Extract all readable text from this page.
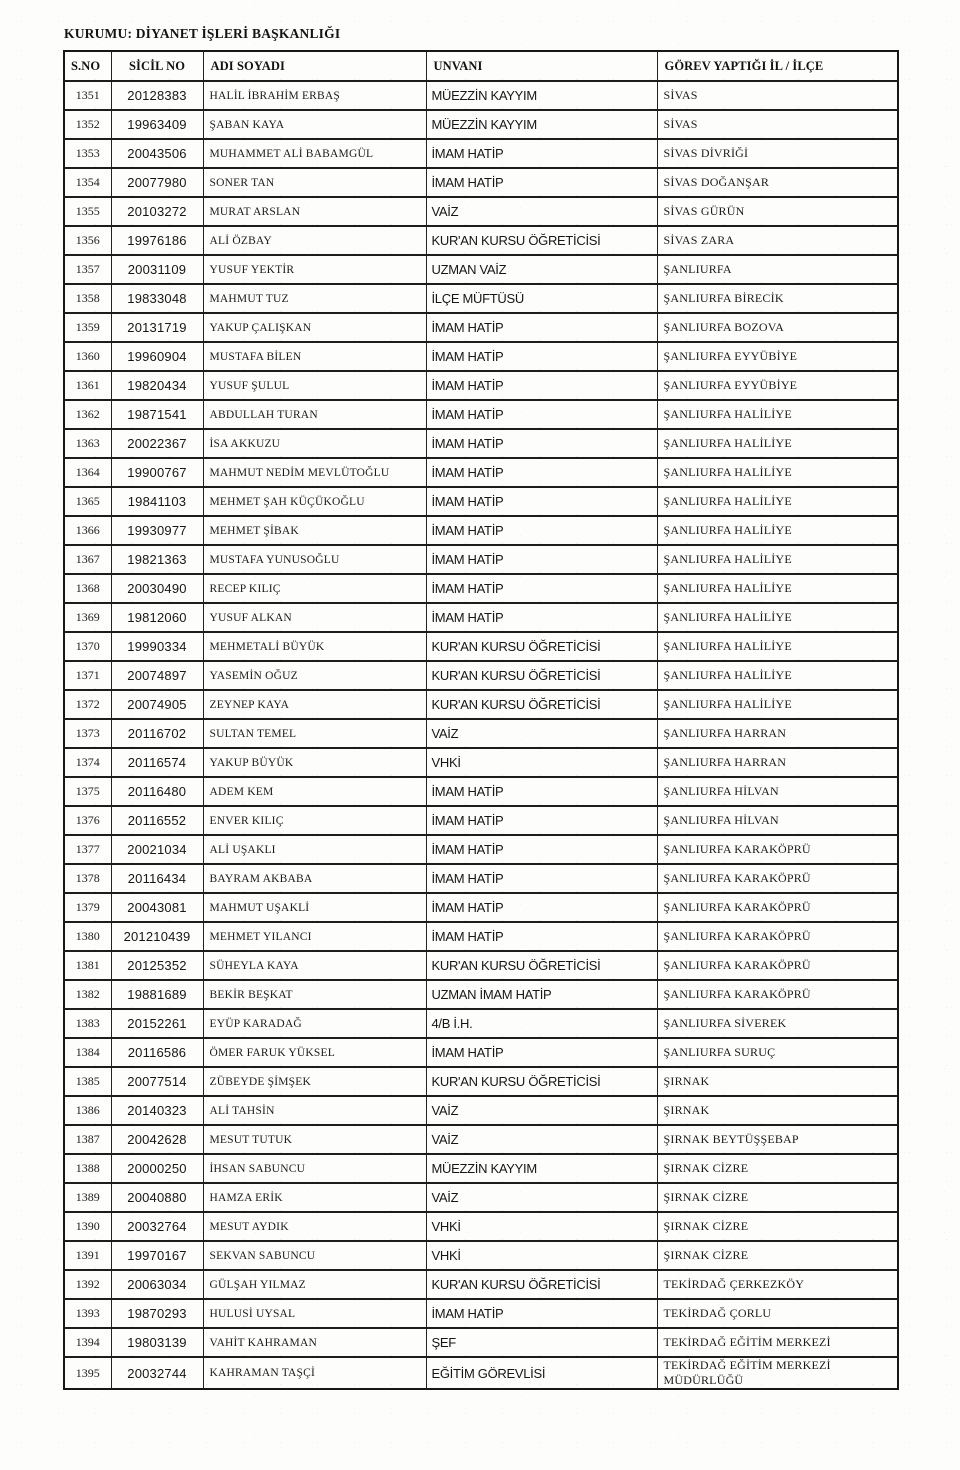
KURUMU: DİYANET İŞLERİ BAŞKANLIĞI
S.NO	SİCİL NO	ADI SOYADI	UNVANI	GÖREV YAPTIĞI İL / İLÇE
1351	20128383	HALİL İBRAHİM ERBAŞ	MÜEZZİN KAYYIM	SİVAS
1352	19963409	ŞABAN KAYA	MÜEZZİN KAYYIM	SİVAS
1353	20043506	MUHAMMET ALİ BABAMGÜL	İMAM HATİP	SİVAS DİVRİĞİ
1354	20077980	SONER TAN	İMAM HATİP	SİVAS DOĞANŞAR
1355	20103272	MURAT ARSLAN	VAİZ	SİVAS GÜRÜN
1356	19976186	ALİ ÖZBAY	KUR'AN KURSU ÖĞRETİCİSİ	SİVAS ZARA
1357	20031109	YUSUF YEKTİR	UZMAN VAİZ	ŞANLIURFA
1358	19833048	MAHMUT TUZ	İLÇE MÜFTÜSÜ	ŞANLIURFA BİRECİK
1359	20131719	YAKUP ÇALIŞKAN	İMAM HATİP	ŞANLIURFA BOZOVA
1360	19960904	MUSTAFA BİLEN	İMAM HATİP	ŞANLIURFA EYYÜBİYE
1361	19820434	YUSUF ŞULUL	İMAM HATİP	ŞANLIURFA EYYÜBİYE
1362	19871541	ABDULLAH TURAN	İMAM HATİP	ŞANLIURFA HALİLİYE
1363	20022367	İSA AKKUZU	İMAM HATİP	ŞANLIURFA HALİLİYE
1364	19900767	MAHMUT NEDİM MEVLÜTOĞLU	İMAM HATİP	ŞANLIURFA HALİLİYE
1365	19841103	MEHMET ŞAH KÜÇÜKOĞLU	İMAM HATİP	ŞANLIURFA HALİLİYE
1366	19930977	MEHMET ŞİBAK	İMAM HATİP	ŞANLIURFA HALİLİYE
1367	19821363	MUSTAFA YUNUSOĞLU	İMAM HATİP	ŞANLIURFA HALİLİYE
1368	20030490	RECEP KILIÇ	İMAM HATİP	ŞANLIURFA HALİLİYE
1369	19812060	YUSUF ALKAN	İMAM HATİP	ŞANLIURFA HALİLİYE
1370	19990334	MEHMETALİ BÜYÜK	KUR'AN KURSU ÖĞRETİCİSİ	ŞANLIURFA HALİLİYE
1371	20074897	YASEMİN OĞUZ	KUR'AN KURSU ÖĞRETİCİSİ	ŞANLIURFA HALİLİYE
1372	20074905	ZEYNEP KAYA	KUR'AN KURSU ÖĞRETİCİSİ	ŞANLIURFA HALİLİYE
1373	20116702	SULTAN TEMEL	VAİZ	ŞANLIURFA HARRAN
1374	20116574	YAKUP BÜYÜK	VHKİ	ŞANLIURFA HARRAN
1375	20116480	ADEM KEM	İMAM HATİP	ŞANLIURFA HİLVAN
1376	20116552	ENVER KILIÇ	İMAM HATİP	ŞANLIURFA HİLVAN
1377	20021034	ALİ UŞAKLI	İMAM HATİP	ŞANLIURFA KARAKÖPRÜ
1378	20116434	BAYRAM AKBABA	İMAM HATİP	ŞANLIURFA KARAKÖPRÜ
1379	20043081	MAHMUT UŞAKLİ	İMAM HATİP	ŞANLIURFA KARAKÖPRÜ
1380	201210439	MEHMET YILANCI	İMAM HATİP	ŞANLIURFA KARAKÖPRÜ
1381	20125352	SÜHEYLA KAYA	KUR'AN KURSU ÖĞRETİCİSİ	ŞANLIURFA KARAKÖPRÜ
1382	19881689	BEKİR BEŞKAT	UZMAN İMAM HATİP	ŞANLIURFA KARAKÖPRÜ
1383	20152261	EYÜP KARADAĞ	4/B İ.H.	ŞANLIURFA SİVEREK
1384	20116586	ÖMER FARUK YÜKSEL	İMAM HATİP	ŞANLIURFA SURUÇ
1385	20077514	ZÜBEYDE ŞİMŞEK	KUR'AN KURSU ÖĞRETİCİSİ	ŞIRNAK
1386	20140323	ALİ TAHSİN	VAİZ	ŞIRNAK
1387	20042628	MESUT TUTUK	VAİZ	ŞIRNAK BEYTÜŞŞEBAP
1388	20000250	İHSAN SABUNCU	MÜEZZİN KAYYIM	ŞIRNAK CİZRE
1389	20040880	HAMZA ERİK	VAİZ	ŞIRNAK CİZRE
1390	20032764	MESUT AYDIK	VHKİ	ŞIRNAK CİZRE
1391	19970167	SEKVAN SABUNCU	VHKİ	ŞIRNAK CİZRE
1392	20063034	GÜLŞAH YILMAZ	KUR'AN KURSU ÖĞRETİCİSİ	TEKİRDAĞ ÇERKEZKÖY
1393	19870293	HULUSİ UYSAL	İMAM HATİP	TEKİRDAĞ ÇORLU
1394	19803139	VAHİT KAHRAMAN	ŞEF	TEKİRDAĞ EĞİTİM MERKEZİ
1395	20032744	KAHRAMAN TAŞÇİ	EĞİTİM GÖREVLİSİ	TEKİRDAĞ EĞİTİM MERKEZİ MÜDÜRLÜĞÜ
